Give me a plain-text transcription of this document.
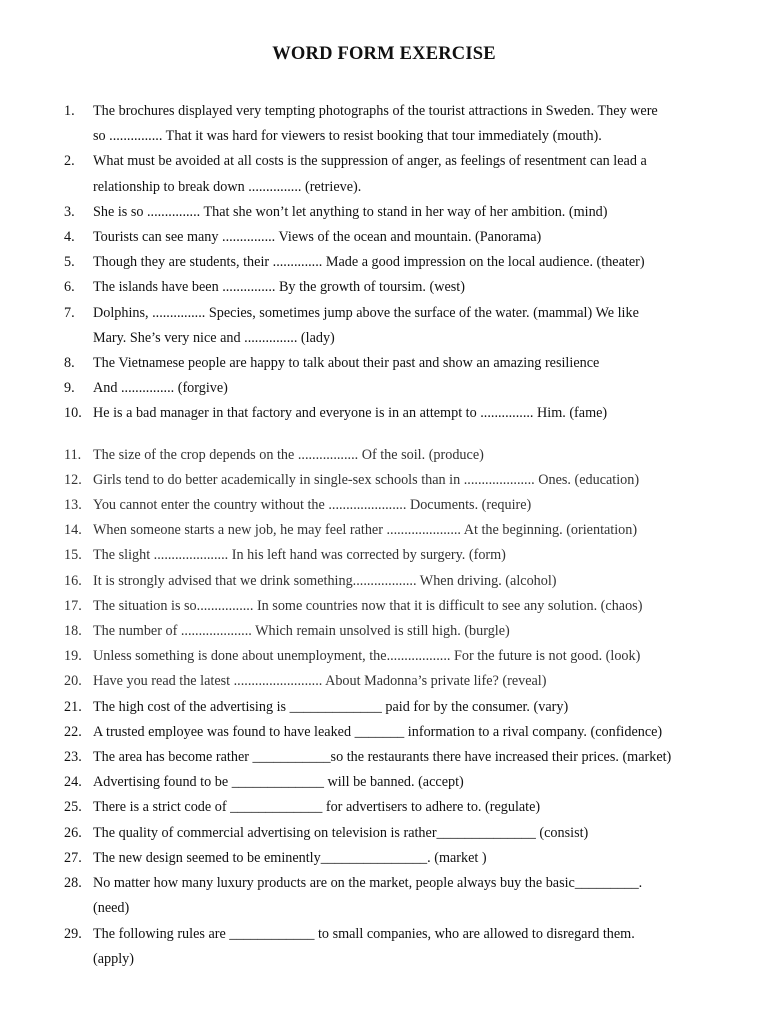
WORD FORM EXERCISE
1.	The brochures displayed very tempting photographs of the tourist attractions in Sweden. They were
so ............... That it was hard for viewers to resist booking that tour immediately (mouth).
2.	What must be avoided at all costs is the suppression of anger, as feelings of resentment can lead a
relationship to break down ............... (retrieve).
3.	She is so ............... That she won’t let anything to stand in her way of her ambition. (mind)
4.	Tourists can see many ............... Views of the ocean and mountain. (Panorama)
5.	Though they are students, their .............. Made a good impression on the local audience. (theater)
6.	The islands have been ............... By the growth of toursim. (west)
7.	Dolphins, ............... Species, sometimes jump above the surface of the water. (mammal) We like
Mary. She’s very nice and ............... (lady)
8.	The Vietnamese people are happy to talk about their past and show an amazing resilience
9.	And ............... (forgive)
10. He is a bad manager in that factory and everyone is in an attempt to ............... Him. (fame)
11. The size of the crop depends on the ................. Of the soil. (produce)
12. Girls tend to do better academically in single-sex schools than in .................... Ones. (education)
13. You cannot enter the country without the ...................... Documents. (require)
14. When someone starts a new job, he may feel rather ..................... At the beginning. (orientation)
15. The slight ..................... In his left hand was corrected by surgery. (form)
16. It is strongly advised that we drink something.................. When driving. (alcohol)
17. The situation is so................ In some countries now that it is difficult to see any solution. (chaos)
18. The number of .................... Which remain unsolved is still high. (burgle)
19. Unless something is done about unemployment, the.................. For the future is not good. (look)
20. Have you read the latest ......................... About Madonna’s private life? (reveal)
21. The high cost of the advertising is _____________ paid for by the consumer. (vary)
22. A trusted employee was found to have leaked _______ information to a rival company. (confidence)
23. The area has become rather ___________so the restaurants there have increased their prices. (market)
24. Advertising found to be _____________ will be banned. (accept)
25. There is a strict code of _____________ for advertisers to adhere to. (regulate)
26. The quality of commercial advertising on television is rather______________ (consist)
27. The new design seemed to be eminently_______________. (market )
28. No matter how many luxury products are on the market, people always buy the basic_________.
(need)
29. The following rules are ____________ to small companies, who are allowed to disregard them.
(apply)
